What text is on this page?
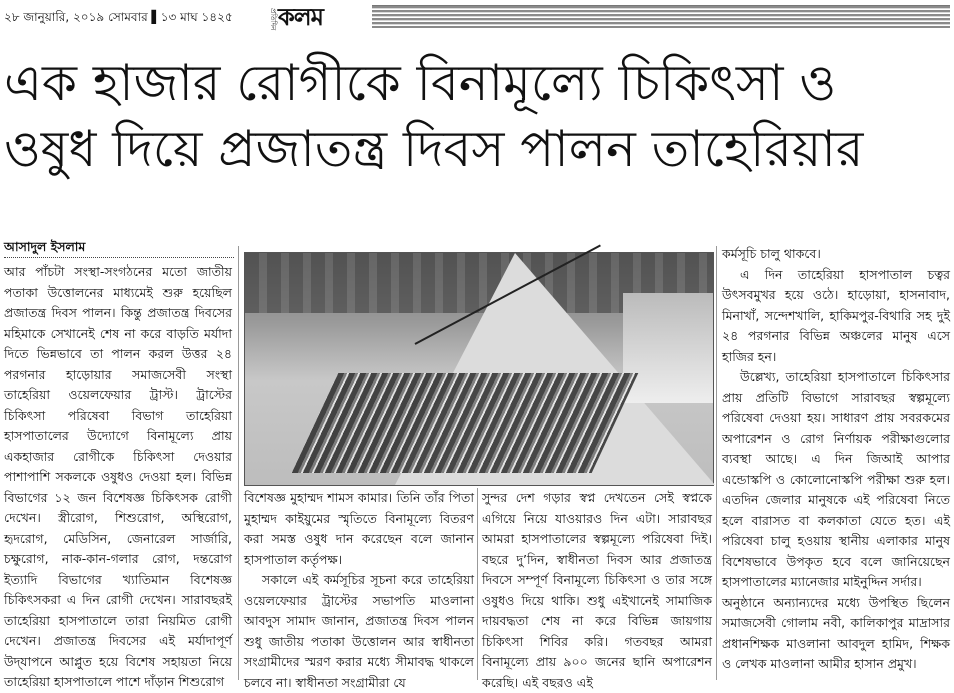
২৮ জানুয়ারি, ২০১৯ সোমবার ▌১৩ মাঘ ১৪২৫	প্রতিদিন কলম
এক হাজার রোগীকে বিনামূল্যে চিকিৎসা ও
ওষুধ দিয়ে প্রজাতন্ত্র দিবস পালন তাহেরিয়ার
আসাদুল ইসলাম

আর পাঁচটা সংস্থা-সংগঠনের মতো জাতীয় পতাকা উত্তোলনের মাধ্যমেই শুরু হয়েছিল প্রজাতন্ত্র দিবস পালন। কিন্তু প্রজাতন্ত্র দিবসের মহিমাকে সেখানেই শেষ না করে বাড়তি মর্যাদা দিতে ভিন্নভাবে তা পালন করল উত্তর ২৪ পরগনার হাড়োয়ার সমাজসেবী সংস্থা তাহেরিয়া ওয়েলফেয়ার ট্রাস্ট। ট্রাস্টের চিকিৎসা পরিষেবা বিভাগ তাহেরিয়া হাসপাতালের উদ্যোগে বিনামূল্যে প্রায় একহাজার রোগীকে চিকিৎসা দেওয়ার পাশাপাশি সকলকে ওষুধও দেওয়া হল। বিভিন্ন বিভাগের ১২ জন বিশেষজ্ঞ চিকিৎসক রোগী দেখেন। স্ত্রীরোগ, শিশুরোগ, অস্থিরোগ, হৃদরোগ, মেডিসিন, জেনারেল সার্জারি, চক্ষুরোগ, নাক-কান-গলার রোগ, দন্তরোগ ইত্যাদি বিভাগের খ্যাতিমান বিশেষজ্ঞ চিকিৎসকরা এ দিন রোগী দেখেন। সারাবছরই তাহেরিয়া হাসপাতালে তারা নিয়মিত রোগী দেখেন। প্রজাতন্ত্র দিবসের এই মর্যাদাপূর্ণ উদ্‌যাপনে আপ্লুত হয়ে বিশেষ সহায়তা নিয়ে তাহেরিয়া হাসপাতালে পাশে দাঁড়ান শিশুরোগ

বিশেষজ্ঞ মুহাম্মদ শামস কামার। তিনি তাঁর পিতা মুহাম্মদ কাইয়ুমের স্মৃতিতে বিনামূল্যে বিতরণ করা সমস্ত ওষুধ দান করেছেন বলে জানান হাসপাতাল কর্তৃপক্ষ।

সকালে এই কর্মসূচির সূচনা করে তাহেরিয়া ওয়েলফেয়ার ট্রাস্টের সভাপতি মাওলানা আবদুস সামাদ জানান, প্রজাতন্ত্র দিবস পালন শুধু জাতীয় পতাকা উত্তোলন আর স্বাধীনতা সংগ্রামীদের স্মরণ করার মধ্যে সীমাবদ্ধ থাকলে চলবে না। স্বাধীনতা সংগ্রামীরা যে

সুন্দর দেশ গড়ার স্বপ্ন দেখতেন সেই স্বপ্নকে এগিয়ে নিয়ে যাওয়ারও দিন এটা। সারাবছর আমরা হাসপাতালের স্বল্পমূল্যে পরিষেবা দিই। বছরে দু’দিন, স্বাধীনতা দিবস আর প্রজাতন্ত্র দিবসে সম্পূর্ণ বিনামূল্যে চিকিৎসা ও তার সঙ্গে ওষুধও দিয়ে থাকি। শুধু এইখানেই সামাজিক দায়বদ্ধতা শেষ না করে বিভিন্ন জায়গায় চিকিৎসা শিবির করি। গতবছর আমরা বিনামূল্যে প্রায় ৯০০ জনের ছানি অপারেশন করেছি। এই বছরও এই

কর্মসূচি চালু থাকবে।

এ দিন তাহেরিয়া হাসপাতাল চত্বর উৎসবমুখর হয়ে ওঠে। হাড়োয়া, হাসনাবাদ, মিনাখাঁ, সন্দেশখালি, হাকিমপুর-বিথারি সহ দুই ২৪ পরগনার বিভিন্ন অঞ্চলের মানুষ এসে হাজির হন।

উল্লেখ্য, তাহেরিয়া হাসপাতালে চিকিৎসার প্রায় প্রতিটি বিভাগে সারাবছর স্বল্পমূল্যে পরিষেবা দেওয়া হয়। সাধারণ প্রায় সবরকমের অপারেশন ও রোগ নির্ণায়ক পরীক্ষাগুলোর ব্যবস্থা আছে। এ দিন জিআই আপার এন্ডোস্কপি ও কোলোনোস্কপি পরীক্ষা শুরু হল। এতদিন জেলার মানুষকে এই পরিষেবা নিতে হলে বারাসত বা কলকাতা যেতে হত। এই পরিষেবা চালু হওয়ায় স্থানীয় এলাকার মানুষ বিশেষভাবে উপকৃত হবে বলে জানিয়েছেন হাসপাতালের ম্যানেজার মাইনুদ্দিন সর্দার।

অনুষ্ঠানে অন্যান্যদের মধ্যে উপস্থিত ছিলেন সমাজসেবী গোলাম নবী, কালিকাপুর মাদ্রাসার প্রধানশিক্ষক মাওলানা আবদুল হামিদ, শিক্ষক ও লেখক মাওলানা আমীর হাসান প্রমুখ।
